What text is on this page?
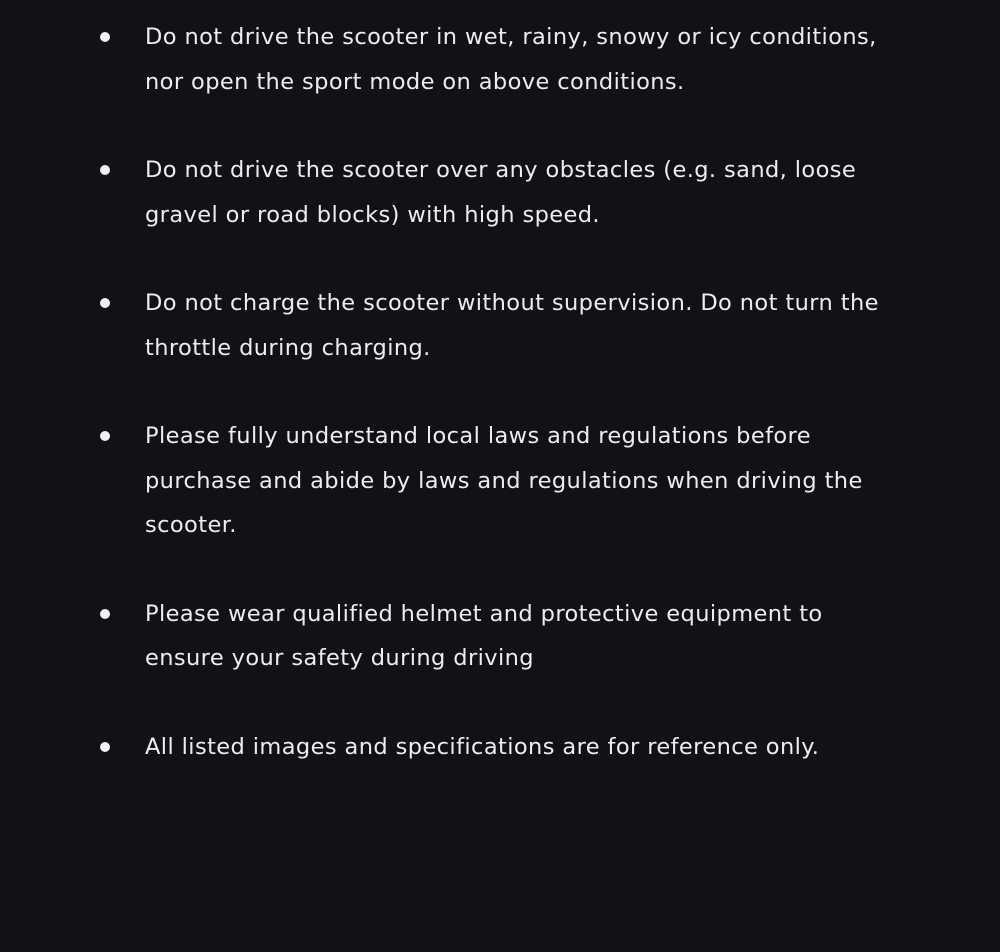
Do not drive the scooter in wet, rainy, snowy or icy conditions, nor open the sport mode on above conditions.
Do not drive the scooter over any obstacles (e.g. sand, loose gravel or road blocks) with high speed.
Do not charge the scooter without supervision. Do not turn the throttle during charging.
Please fully understand local laws and regulations before purchase and abide by laws and regulations when driving the scooter.
Please wear qualified helmet and protective equipment to ensure your safety during driving
All listed images and specifications are for reference only.
